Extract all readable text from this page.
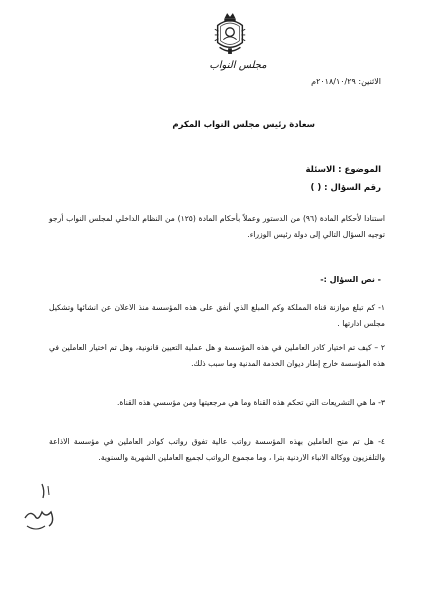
مجلس النواب
الاثنين: ٢٠١٨/١٠/٢٩م
سعادة رئيس مجلس النواب المكرم
الموضوع : الاسئلة
رقم السؤال : ( )
استنادا لأحكام المادة (٩٦) من الدستور وعملاً بأحكام المادة (١٢٥) من النظام الداخلي لمجلس النواب أرجو توجيه السؤال التالي إلى دولة رئيس الوزراء.
- نص السؤال :-
١- كم تبلغ موازنة قناة المملكة وكم المبلغ الذي أنفق على هذه المؤسسة منذ الاعلان عن انشائها وتشكيل مجلس ادارتها .
٢ – كيف تم اختيار كادر العاملين في هذه المؤسسة و هل عملية التعيين قانونية، وهل تم اختيار العاملين في هذه المؤسسة خارج إطار ديوان الخدمة المدنية وما سبب ذلك.
٣- ما هي التشريعات التي تحكم هذه القناة وما هي مرجعيتها ومن مؤسسي هذه القناة.
٤- هل تم منح العاملين بهذه المؤسسة رواتب عالية تفوق رواتب كوادر العاملين في مؤسسة الاذاعة والتلفزيون ووكالة الانباء الاردنية بترا ، وما مجموع الرواتب لجميع العاملين الشهرية والسنوية.
